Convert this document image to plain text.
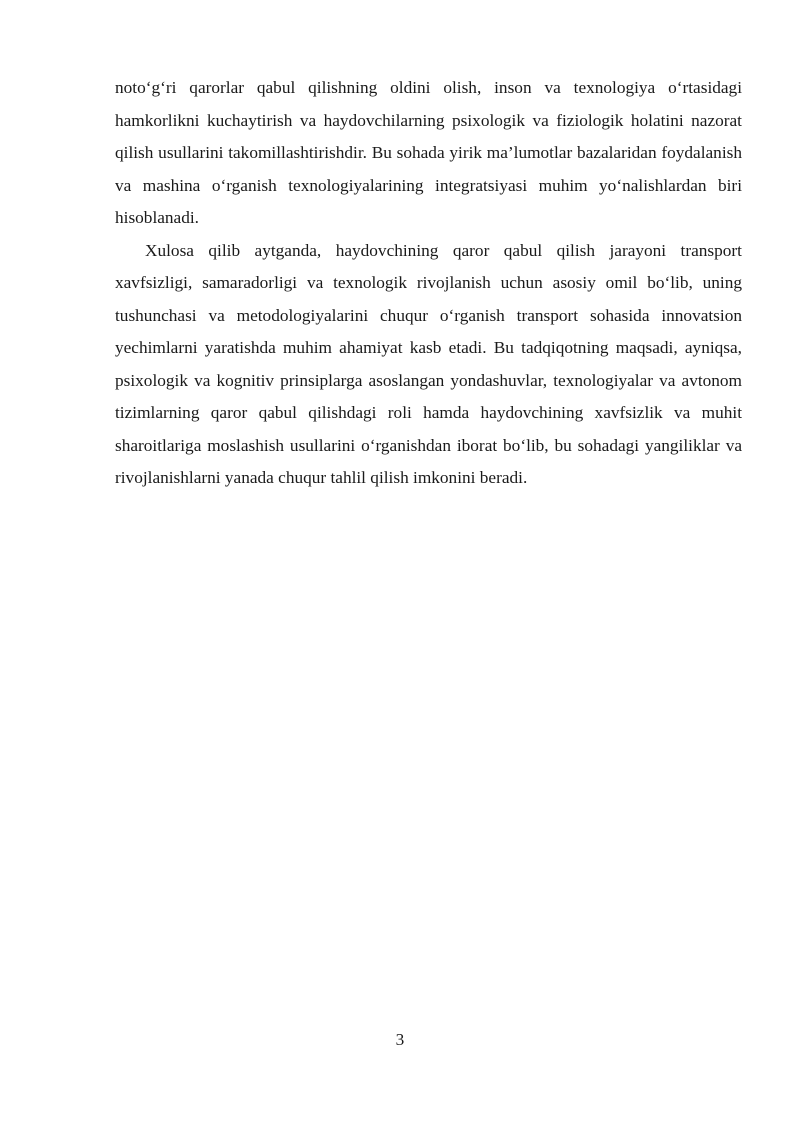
noto‘g‘ri qarorlar qabul qilishning oldini olish, inson va texnologiya o‘rtasidagi hamkorlikni kuchaytirish va haydovchilarning psixologik va fiziologik holatini nazorat qilish usullarini takomillashtirishdir. Bu sohada yirik ma’lumotlar bazalaridan foydalanish va mashina o‘rganish texnologiyalarining integratsiyasi muhim yo‘nalishlardan biri hisoblanadi.

Xulosa qilib aytganda, haydovchining qaror qabul qilish jarayoni transport xavfsizligi, samaradorligi va texnologik rivojlanish uchun asosiy omil bo‘lib, uning tushunchasi va metodologiyalarini chuqur o‘rganish transport sohasida innovatsion yechimlarni yaratishda muhim ahamiyat kasb etadi. Bu tadqiqotning maqsadi, ayniqsa, psixologik va kognitiv prinsiplarga asoslangan yondashuvlar, texnologiyalar va avtonom tizimlarning qaror qabul qilishdagi roli hamda haydovchining xavfsizlik va muhit sharoitlariga moslashish usullarini o‘rganishdan iborat bo‘lib, bu sohadagi yangiliklar va rivojlanishlarni yanada chuqur tahlil qilish imkonini beradi.

3
